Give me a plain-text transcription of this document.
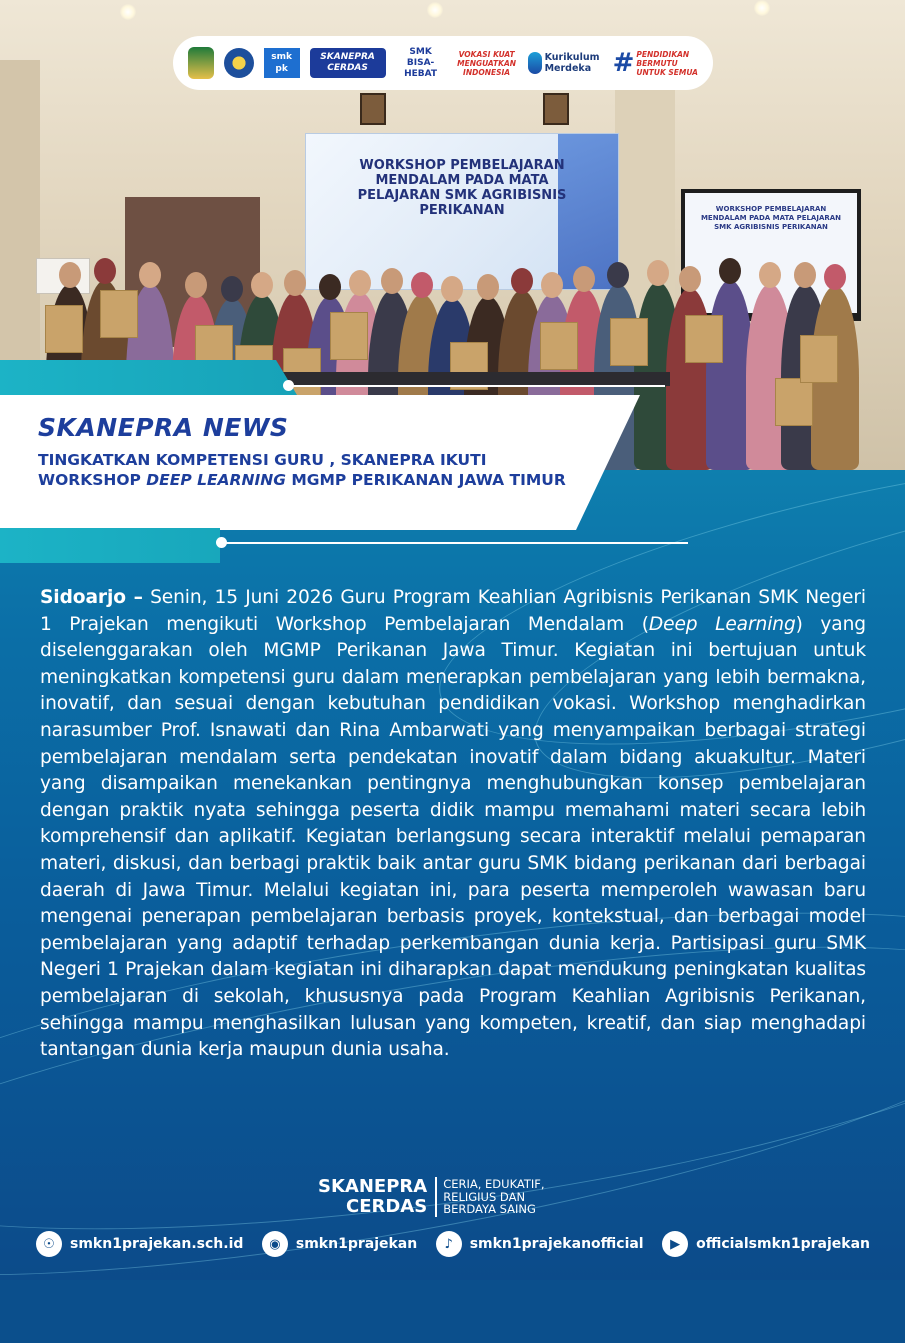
WORKSHOP PEMBELAJARAN MENDALAM PADA MATA PELAJARAN SMK AGRIBISNIS PERIKANAN	WORKSHOP PEMBELAJARAN MENDALAM PADA MATA PELAJARAN SMK AGRIBISNIS PERIKANAN
smk pk
SKANEPRA CERDAS
SMK BISA-HEBAT
VOKASI KUAT MENGUATKAN INDONESIA
Kurikulum Merdeka # PENDIDIKAN BERMUTU UNTUK SEMUA
SKANEPRA NEWS
TINGKATKAN KOMPETENSI GURU , SKANEPRA IKUTI
WORKSHOP DEEP LEARNING MGMP PERIKANAN JAWA TIMUR
Sidoarjo – Senin, 15 Juni 2026 Guru Program Keahlian Agribisnis Perikanan SMK Negeri 1 Prajekan mengikuti Workshop Pembelajaran Mendalam (Deep Learning) yang diselenggarakan oleh MGMP Perikanan Jawa Timur. Kegiatan ini bertujuan untuk meningkatkan kompetensi guru dalam menerapkan pembelajaran yang lebih bermakna, inovatif, dan sesuai dengan kebutuhan pendidikan vokasi. Workshop menghadirkan narasumber Prof. Isnawati dan Rina Ambarwati yang menyampaikan berbagai strategi pembelajaran mendalam serta pendekatan inovatif dalam bidang akuakultur. Materi yang disampaikan menekankan pentingnya menghubungkan konsep pembelajaran dengan praktik nyata sehingga peserta didik mampu memahami materi secara lebih komprehensif dan aplikatif. Kegiatan berlangsung secara interaktif melalui pemaparan materi, diskusi, dan berbagi praktik baik antar guru SMK bidang perikanan dari berbagai daerah di Jawa Timur. Melalui kegiatan ini, para peserta memperoleh wawasan baru mengenai penerapan pembelajaran berbasis proyek, kontekstual, dan berbagai model pembelajaran yang adaptif terhadap perkembangan dunia kerja. Partisipasi guru SMK Negeri 1 Prajekan dalam kegiatan ini diharapkan dapat mendukung peningkatan kualitas pembelajaran di sekolah, khususnya pada Program Keahlian Agribisnis Perikanan, sehingga mampu menghasilkan lulusan yang kompeten, kreatif, dan siap menghadapi tantangan dunia kerja maupun dunia usaha.
SKANEPRA
CERDAS
CERIA, EDUKATIF,
RELIGIUS DAN
BERDAYA SAING
☉	smkn1prajekan.sch.id	◉	smkn1prajekan	♪	smkn1prajekanofficial	▶	officialsmkn1prajekan
